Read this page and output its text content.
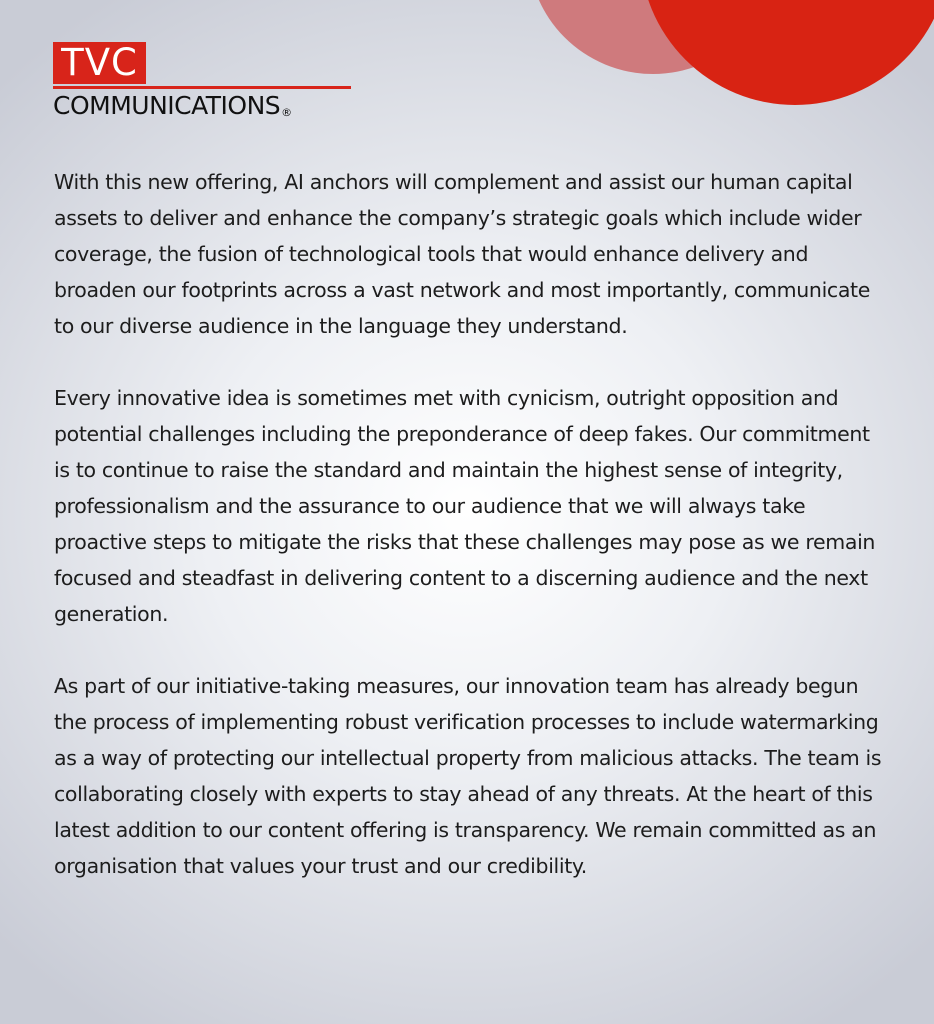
TVC
COMMUNICATIONS®

With this new offering, AI anchors will complement and assist our human capital assets to deliver and enhance the company’s strategic goals which include wider coverage, the fusion of technological tools that would enhance delivery and broaden our footprints across a vast network and most importantly, communicate to our diverse audience in the language they understand.

Every innovative idea is sometimes met with cynicism, outright opposition and potential challenges including the preponderance of deep fakes. Our commitment is to continue to raise the standard and maintain the highest sense of integrity, professionalism and the assurance to our audience that we will always take proactive steps to mitigate the risks that these challenges may pose as we remain focused and steadfast in delivering content to a discerning audience and the next generation.

As part of our initiative-taking measures, our innovation team has already begun the process of implementing robust verification processes to include watermarking as a way of protecting our intellectual property from malicious attacks. The team is collaborating closely with experts to stay ahead of any threats. At the heart of this latest addition to our content offering is transparency. We remain committed as an organisation that values your trust and our credibility.
